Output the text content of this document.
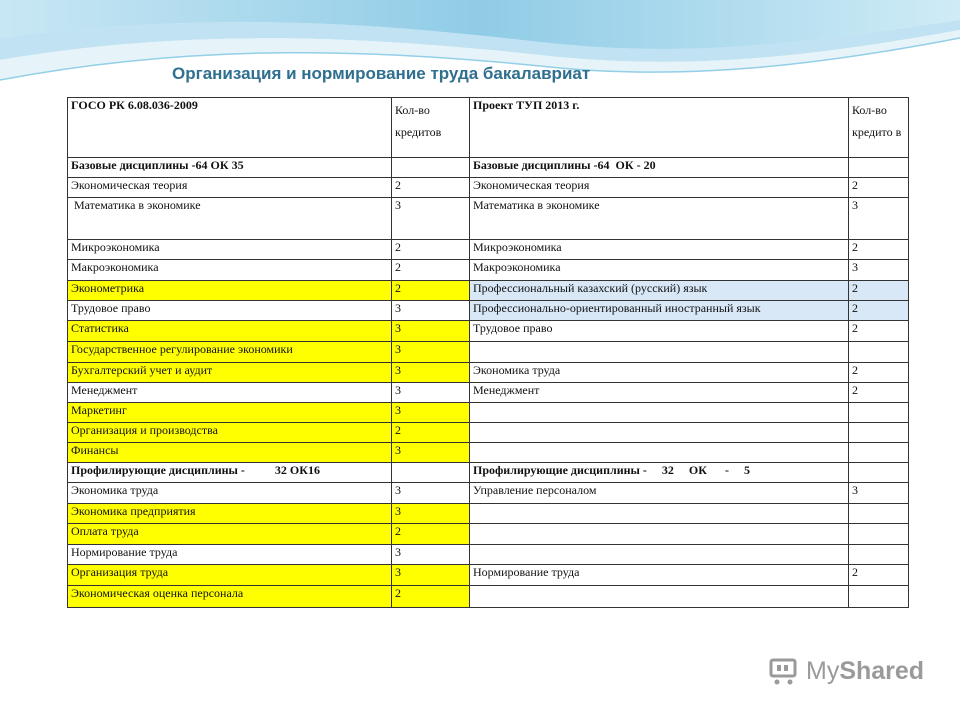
Организация и нормирование труда бакалавриат
ГОСО РК 6.08.036-2009	Кол-во кредитов	Проект ТУП 2013 г.	Кол-во кредито в
Базовые дисциплины -64 ОК 35		Базовые дисциплины -64  ОК - 20	
Экономическая теория	2	Экономическая теория	2
Математика в экономике	3	Математика в экономике	3
Микроэкономика	2	Микроэкономика	2
Макроэкономика	2	Макроэкономика	3
Эконометрика	2	Профессиональный казахский (русский) язык	2
Трудовое право	3	Профессионально-ориентированный иностранный язык	2
Статистика	3	Трудовое право	2
Государственное регулирование экономики	3		
Бухгалтерский учет и аудит	3	Экономика труда	2
Менеджмент	3	Менеджмент	2
Маркетинг	3		
Организация и производства	2		
Финансы	3		
Профилирующие дисциплины -          32 ОК16		Профилирующие дисциплины -     32     ОК      -     5	
Экономика труда	3	Управление персоналом	3
Экономика предприятия	3		
Оплата труда	2		
Нормирование труда	3		
Организация труда	3	Нормирование труда	2
Экономическая оценка персонала	2		
MyShared
